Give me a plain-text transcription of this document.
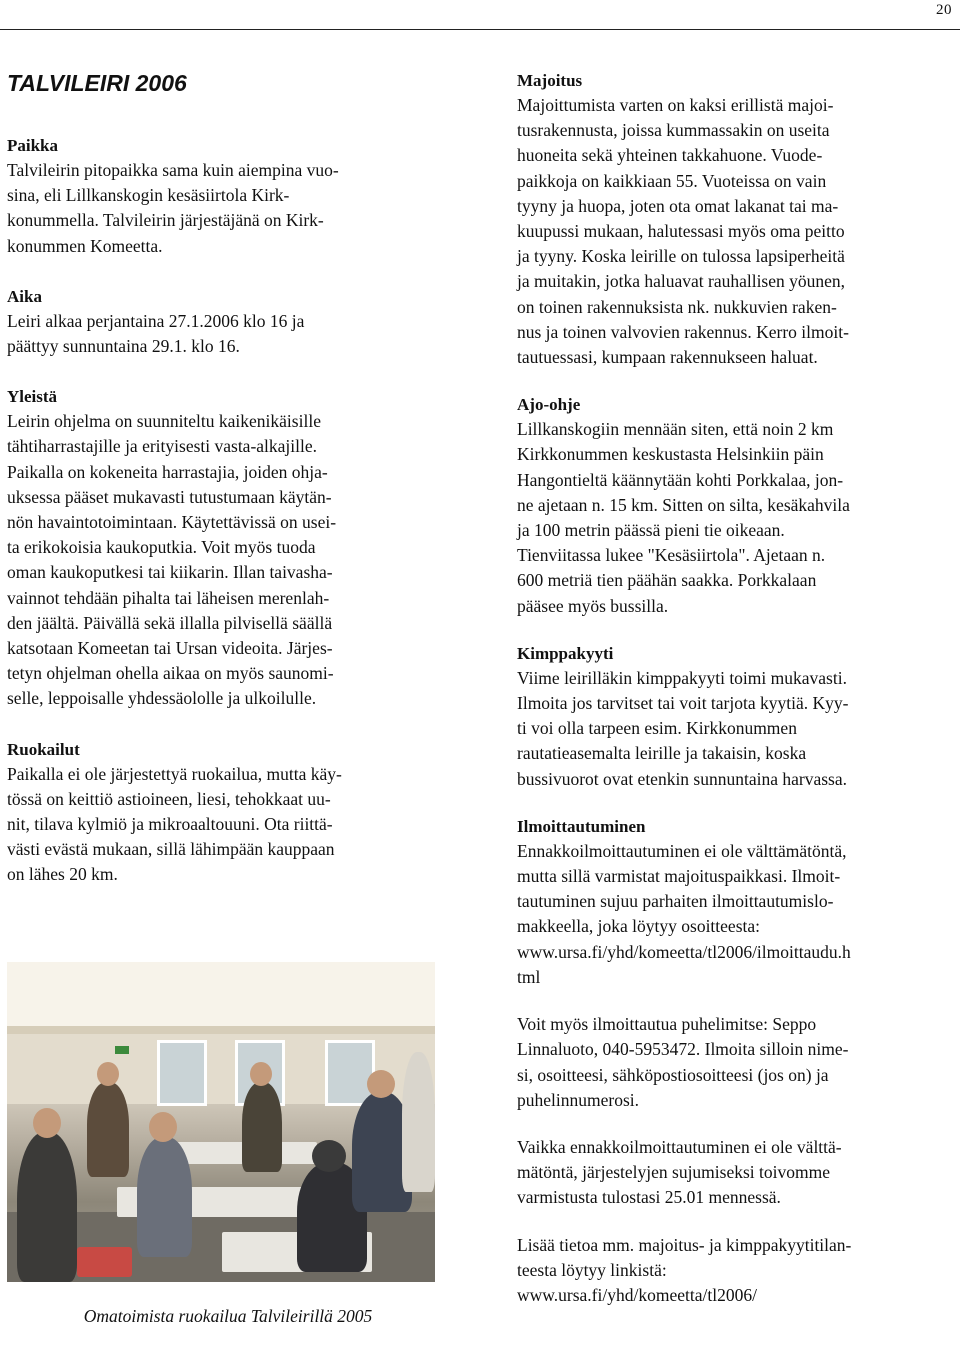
20
TALVILEIRI 2006
Paikka

Talvileirin pitopaikka sama kuin aiempina vuo-
sina, eli Lillkanskogin kesäsiirtola Kirk-
konummella. Talvileirin järjestäjänä on Kirk-
konummen Komeetta.

Aika

Leiri alkaa perjantaina 27.1.2006 klo 16 ja
päättyy sunnuntaina 29.1. klo 16.

Yleistä

Leirin ohjelma on suunniteltu kaikenikäisille
tähtiharrastajille ja erityisesti vasta-alkajille.
Paikalla on kokeneita harrastajia, joiden ohja-
uksessa pääset mukavasti tutustumaan käytän-
nön havaintotoimintaan. Käytettävissä on usei-
ta erikokoisia kaukoputkia. Voit myös tuoda
oman kaukoputkesi tai kiikarin. Illan taivasha-
vainnot tehdään pihalta tai läheisen merenlah-
den jäältä. Päivällä sekä illalla pilvisellä säällä
katsotaan Komeetan tai Ursan videoita. Järjes-
tetyn ohjelman ohella aikaa on myös saunomi-
selle, leppoisalle yhdessäololle ja ulkoilulle.

Ruokailut

Paikalla ei ole järjestettyä ruokailua, mutta käy-
tössä on keittiö astioineen, liesi, tehokkaat uu-
nit, tilava kylmiö ja mikroaaltouuni. Ota riittä-
västi evästä mukaan, sillä lähimpään kauppaan
on lähes 20 km.

Omatoimista ruokailua Talvileirillä 2005
Majoitus

Majoittumista varten on kaksi erillistä majoi-
tusrakennusta, joissa kummassakin on useita
huoneita sekä yhteinen takkahuone. Vuode-
paikkoja on kaikkiaan 55. Vuoteissa on vain
tyyny ja huopa, joten ota omat lakanat tai ma-
kuupussi mukaan, halutessasi myös oma peitto
ja tyyny. Koska leirille on tulossa lapsiperheitä
ja muitakin, jotka haluavat rauhallisen yöunen,
on toinen rakennuksista nk. nukkuvien raken-
nus ja toinen valvovien rakennus. Kerro ilmoit-
tautuessasi, kumpaan rakennukseen haluat.

Ajo-ohje

Lillkanskogiin mennään siten, että noin 2 km
Kirkkonummen keskustasta Helsinkiin päin
Hangontieltä käännytään kohti Porkkalaa, jon-
ne ajetaan n. 15 km. Sitten on silta, kesäkahvila
ja 100 metrin päässä pieni tie oikeaan.
Tienviitassa lukee "Kesäsiirtola". Ajetaan n.
600 metriä tien päähän saakka. Porkkalaan
pääsee myös bussilla.

Kimppakyyti

Viime leirilläkin kimppakyyti toimi mukavasti.
Ilmoita jos tarvitset tai voit tarjota kyytiä. Kyy-
ti voi olla tarpeen esim. Kirkkonummen
rautatieasemalta leirille ja takaisin, koska
bussivuorot ovat etenkin sunnuntaina harvassa.

Ilmoittautuminen

Ennakkoilmoittautuminen ei ole välttämätöntä,
mutta sillä varmistat majoituspaikkasi. Ilmoit-
tautuminen sujuu parhaiten ilmoittautumislo-
makkeella, joka löytyy osoitteesta:
www.ursa.fi/yhd/komeetta/tl2006/ilmoittaudu.h
tml

Voit myös ilmoittautua puhelimitse: Seppo
Linnaluoto, 040-5953472. Ilmoita silloin nime-
si, osoitteesi, sähköpostiosoitteesi (jos on) ja
puhelinnumerosi.

Vaikka ennakkoilmoittautuminen ei ole välttä-
mätöntä, järjestelyjen sujumiseksi toivomme
varmistusta tulostasi 25.01 mennessä.

Lisää tietoa mm. majoitus- ja kimppakyytitilan-
teesta löytyy linkistä:
www.ursa.fi/yhd/komeetta/tl2006/
